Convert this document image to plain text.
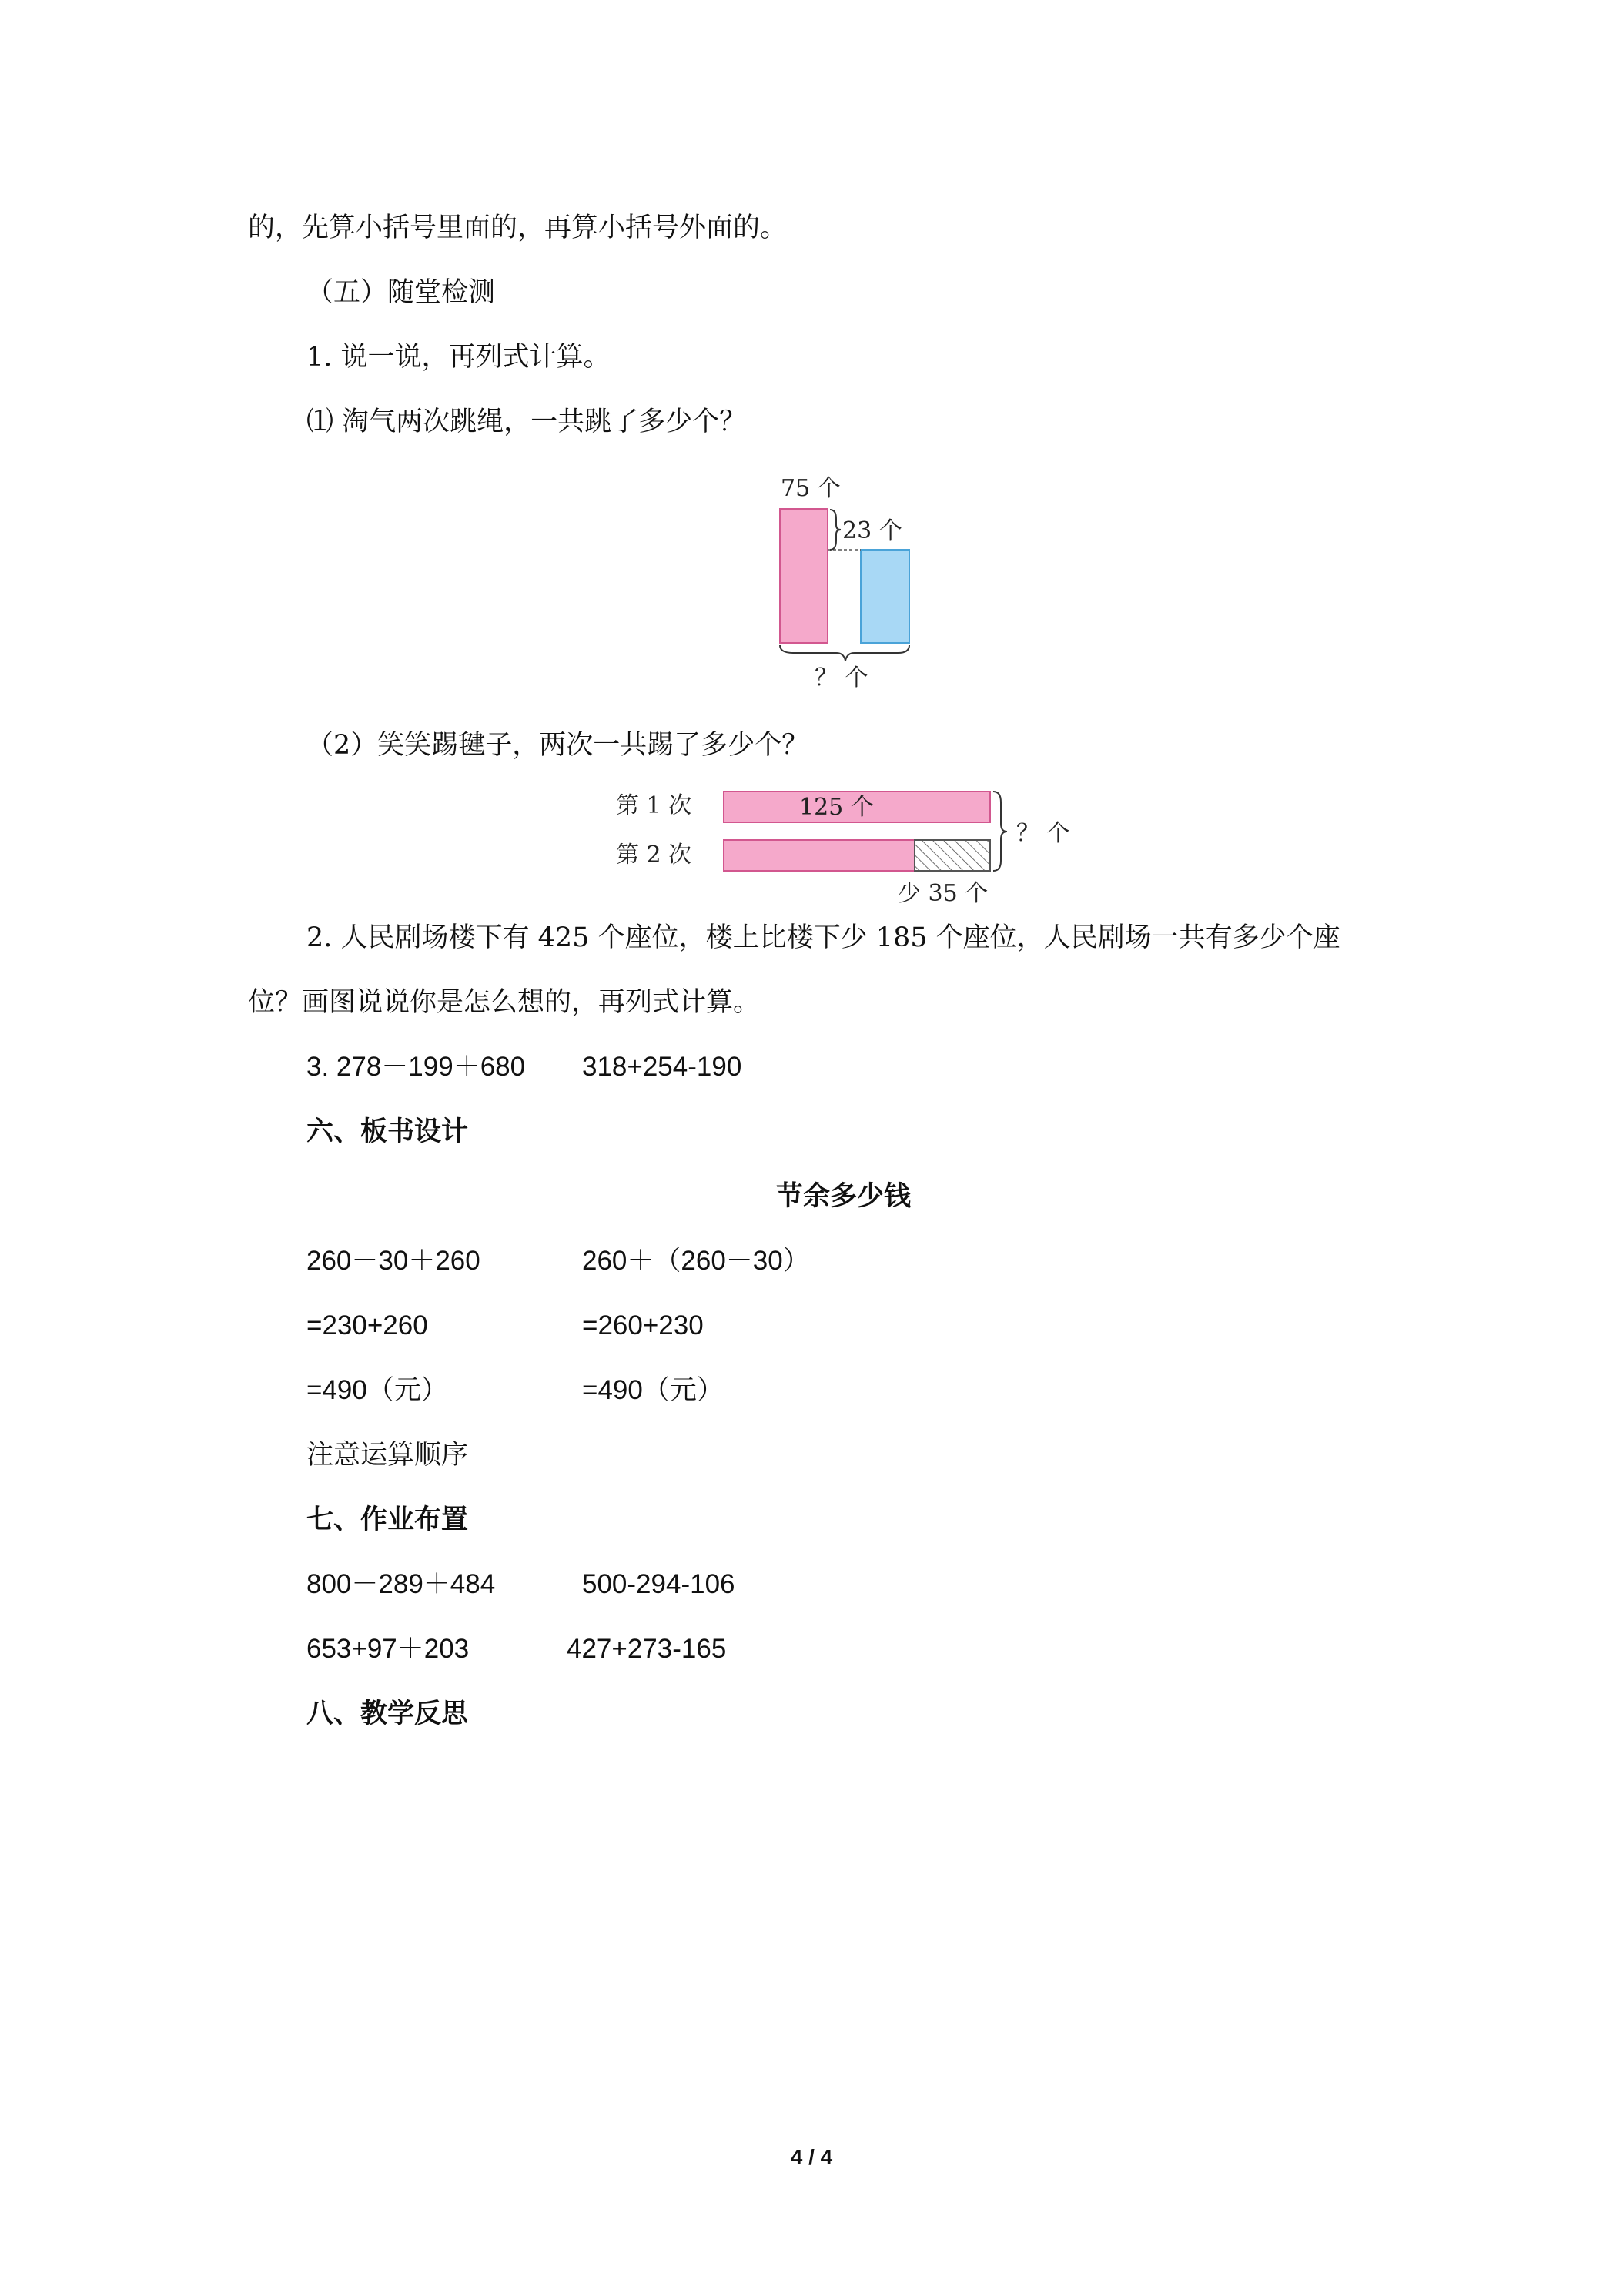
的，先算小括号里面的，再算小括号外面的。
（五）随堂检测
1. 说一说，再列式计算。
⑴ 淘气两次跳绳，一共跳了多少个？
75 个
23 个
？ 个
（2）笑笑踢毽子，两次一共踢了多少个？
第 1 次	125 个
第 2 次
？ 个
少 35 个
2. 人民剧场楼下有 425 个座位，楼上比楼下少 185 个座位，人民剧场一共有多少个座
位？画图说说你是怎么想的，再列式计算。
3. 278－199＋680 318+254-190
六、板书设计
节余多少钱
260－30＋260	260＋（260－30）
=230+260	=260+230
=490（元）	=490（元）
注意运算顺序
七、作业布置
800－289＋484	500-294-106
653+97＋203	427+273-165
八、教学反思
4 / 4
